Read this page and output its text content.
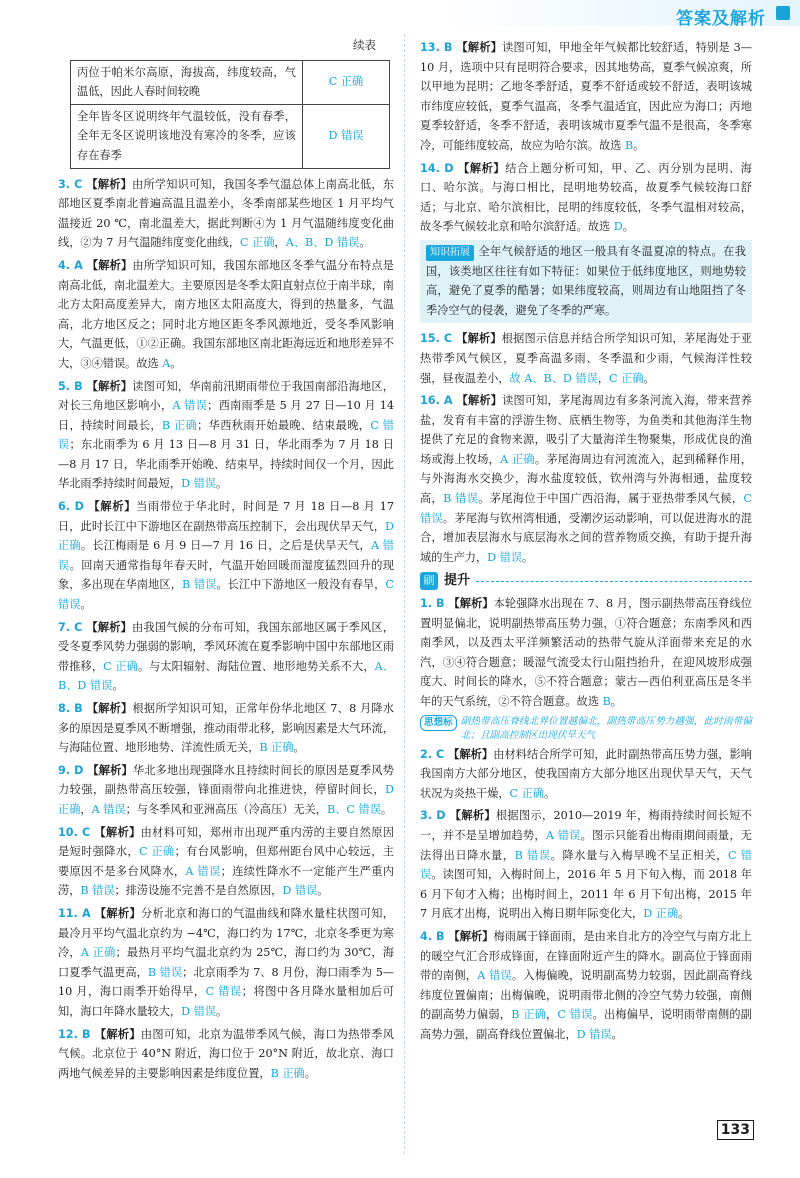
答案及解析
续表
丙位于帕米尔高原，海拔高，纬度较高，气温低，因此人春时间较晚	C 正确
全年皆冬区说明终年气温较低，没有春季，全年无冬区说明该地没有寒冷的冬季，应该存在春季	D 错误
3. C 【解析】由所学知识可知，我国冬季气温总体上南高北低，东部地区夏季南北普遍高温且温差小，冬季南部某些地区 1 月平均气温接近 20 ℃，南北温差大，据此判断④为 1 月气温随纬度变化曲线，②为 7 月气温随纬度变化曲线，C 正确，A、B、D 错误。
4. A 【解析】由所学知识可知，我国东部地区冬季气温分布特点是南高北低，南北温差大。主要原因是冬季太阳直射点位于南半球，南北方太阳高度差异大，南方地区太阳高度大，得到的热量多，气温高，北方地区反之；同时北方地区距冬季风源地近，受冬季风影响大，气温更低，①②正确。我国东部地区南北距海远近和地形差异不大，③④错误。故选 A。
5. B 【解析】读图可知，华南前汛期雨带位于我国南部沿海地区，对长三角地区影响小，A 错误；西南雨季是 5 月 27 日—10 月 14 日，持续时间最长，B 正确；华西秋雨开始最晚、结束最晚，C 错误；东北雨季为 6 月 13 日—8 月 31 日，华北雨季为 7 月 18 日—8 月 17 日，华北雨季开始晚、结束早，持续时间仅一个月，因此华北雨季持续时间最短，D 错误。
6. D 【解析】当雨带位于华北时，时间是 7 月 18 日—8 月 17 日，此时长江中下游地区在副热带高压控制下，会出现伏旱天气，D 正确。长江梅雨是 6 月 9 日—7 月 16 日，之后是伏旱天气，A 错误。回南天通常指每年春天时，气温开始回暖而湿度猛烈回升的现象，多出现在华南地区，B 错误。长江中下游地区一般没有春旱，C 错误。
7. C 【解析】由我国气候的分布可知，我国东部地区属于季风区，受冬夏季风势力强弱的影响，季风环流在夏季影响中国中东部地区雨带推移，C 正确。与太阳辐射、海陆位置、地形地势关系不大，A、B、D 错误。
8. B 【解析】根据所学知识可知，正常年份华北地区 7、8 月降水多的原因是夏季风不断增强，推动雨带北移，影响因素是大气环流，与海陆位置、地形地势、洋流性质无关，B 正确。
9. D 【解析】华北多地出现强降水且持续时间长的原因是夏季风势力较强，副热带高压较强，锋面雨带向北推进快，停留时间长，D 正确，A 错误；与冬季风和亚洲高压（冷高压）无关，B、C 错误。
10. C 【解析】由材料可知，郑州市出现严重内涝的主要自然原因是短时强降水，C 正确；有台风影响，但郑州距台风中心较远，主要原因不是多台风降水，A 错误；连续性降水不一定能产生严重内涝，B 错误；排涝设施不完善不是自然原因，D 错误。
11. A 【解析】分析北京和海口的气温曲线和降水量柱状图可知，最冷月平均气温北京约为 −4℃，海口约为 17℃，北京冬季更为寒冷，A 正确；最热月平均气温北京约为 25℃，海口约为 30℃，海口夏季气温更高，B 错误；北京雨季为 7、8 月份，海口雨季为 5—10 月，海口雨季开始得早，C 错误；将图中各月降水量相加后可知，海口年降水量较大，D 错误。
12. B 【解析】由图可知，北京为温带季风气候，海口为热带季风气候。北京位于 40°N 附近，海口位于 20°N 附近，故北京、海口两地气候差异的主要影响因素是纬度位置，B 正确。
13. B 【解析】读图可知，甲地全年气候都比较舒适，特别是 3—10 月，选项中只有昆明符合要求，因其地势高，夏季气候凉爽，所以甲地为昆明；乙地冬季舒适，夏季不舒适或较不舒适，表明该城市纬度应较低，夏季气温高，冬季气温适宜，因此应为海口；丙地夏季较舒适，冬季不舒适，表明该城市夏季气温不是很高，冬季寒冷，可能纬度较高，故应为哈尔滨。故选 B。
14. D 【解析】结合上题分析可知，甲、乙、丙分别为昆明、海口、哈尔滨。与海口相比，昆明地势较高，故夏季气候较海口舒适；与北京、哈尔滨相比，昆明的纬度较低，冬季气温相对较高，故冬季气候较北京和哈尔滨舒适。故选 D。
知识拓展 全年气候舒适的地区一般具有冬温夏凉的特点。在我国，该类地区往往有如下特征：如果位于低纬度地区，则地势较高，避免了夏季的酷暑；如果纬度较高，则周边有山地阻挡了冬季冷空气的侵袭，避免了冬季的严寒。
15. C 【解析】根据图示信息并结合所学知识可知，茅尾海处于亚热带季风气候区，夏季高温多雨、冬季温和少雨，气候海洋性较强，昼夜温差小，故 A、B、D 错误，C 正确。
16. A 【解析】读图可知，茅尾海周边有多条河流入海，带来营养盐，发育有丰富的浮游生物、底栖生物等，为鱼类和其他海洋生物提供了充足的食物来源，吸引了大量海洋生物聚集，形成优良的渔场或海上牧场，A 正确。茅尾海周边有河流流入，起到稀释作用，与外海海水交换少，海水盐度较低，钦州湾与外海相通，盐度较高，B 错误。茅尾海位于中国广西沿海，属于亚热带季风气候，C 错误。茅尾海与钦州湾相通，受潮汐运动影响，可以促进海水的混合，增加表层海水与底层海水之间的营养物质交换，有助于提升海域的生产力，D 错误。
刷 提升
1. B 【解析】本轮强降水出现在 7、8 月，图示副热带高压脊线位置明显偏北，说明副热带高压势力强，①符合题意；东南季风和西南季风，以及西太平洋频繁活动的热带气旋从洋面带来充足的水汽，③④符合题意；暖湿气流受太行山阻挡抬升，在迎风坡形成强度大、时间长的降水，⑤不符合题意；蒙古—西伯利亚高压是冬半年的天气系统，②不符合题意。故选 B。
思想标 副热带高压脊线北界位置越偏北，副热带高压势力越强，此时雨带偏北；且副高控制区出现伏旱天气
2. C 【解析】由材料结合所学可知，此时副热带高压势力强，影响我国南方大部分地区，使我国南方大部分地区出现伏旱天气，天气状况为炎热干燥，C 正确。
3. D 【解析】根据图示，2010—2019 年，梅雨持续时间长短不一，并不是呈增加趋势，A 错误。图示只能看出梅雨期间雨量，无法得出日降水量，B 错误。降水量与入梅早晚不呈正相关，C 错误。读图可知，入梅时间上，2016 年 5 月下旬入梅，而 2018 年 6 月下旬才入梅；出梅时间上，2011 年 6 月下旬出梅，2015 年 7 月底才出梅，说明出入梅日期年际变化大，D 正确。
4. B 【解析】梅雨属于锋面雨，是由来自北方的冷空气与南方北上的暖空气汇合形成锋面，在锋面附近产生的降水。副高位于锋面雨带的南侧，A 错误。入梅偏晚，说明副高势力较弱，因此副高脊线纬度位置偏南；出梅偏晚，说明雨带北侧的冷空气势力较强，南侧的副高势力偏弱，B 正确，C 错误。出梅偏早，说明雨带南侧的副高势力强，副高脊线位置偏北，D 错误。
133
